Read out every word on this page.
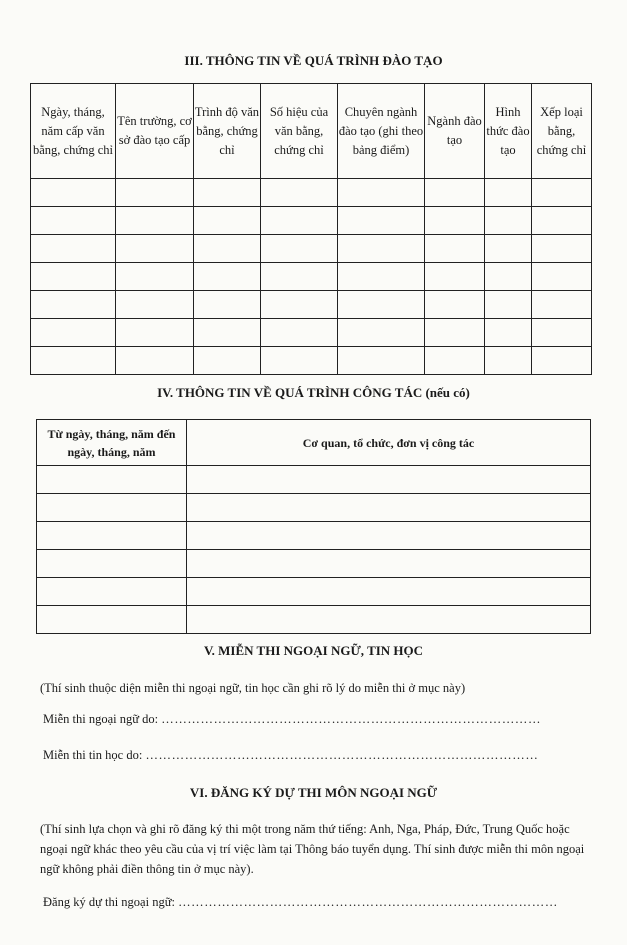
III. THÔNG TIN VỀ QUÁ TRÌNH ĐÀO TẠO
Ngày, tháng, năm cấp văn bằng, chứng chỉ	Tên trường, cơ sở đào tạo cấp	Trình độ văn bằng, chứng chỉ	Số hiệu của văn bằng, chứng chỉ	Chuyên ngành đào tạo (ghi theo bảng điểm)	Ngành đào tạo	Hình thức đào tạo	Xếp loại bằng, chứng chỉ

IV. THÔNG TIN VỀ QUÁ TRÌNH CÔNG TÁC (nếu có)
Từ ngày, tháng, năm đến ngày, tháng, năm	Cơ quan, tổ chức, đơn vị công tác

V. MIỄN THI NGOẠI NGỮ, TIN HỌC
(Thí sinh thuộc diện miễn thi ngoại ngữ, tin học cần ghi rõ lý do miễn thi ở mục này)
Miễn thi ngoại ngữ do: ……………………………………………………………………………
Miễn thi tin học do: ………………………………………………………………………………
VI. ĐĂNG KÝ DỰ THI MÔN NGOẠI NGỮ
(Thí sinh lựa chọn và ghi rõ đăng ký thi một trong năm thứ tiếng: Anh, Nga, Pháp, Đức, Trung Quốc hoặc ngoại ngữ khác theo yêu cầu của vị trí việc làm tại Thông báo tuyển dụng. Thí sinh được miễn thi môn ngoại ngữ không phải điền thông tin ở mục này).
Đăng ký dự thi ngoại ngữ: ……………………………………………………………………………
